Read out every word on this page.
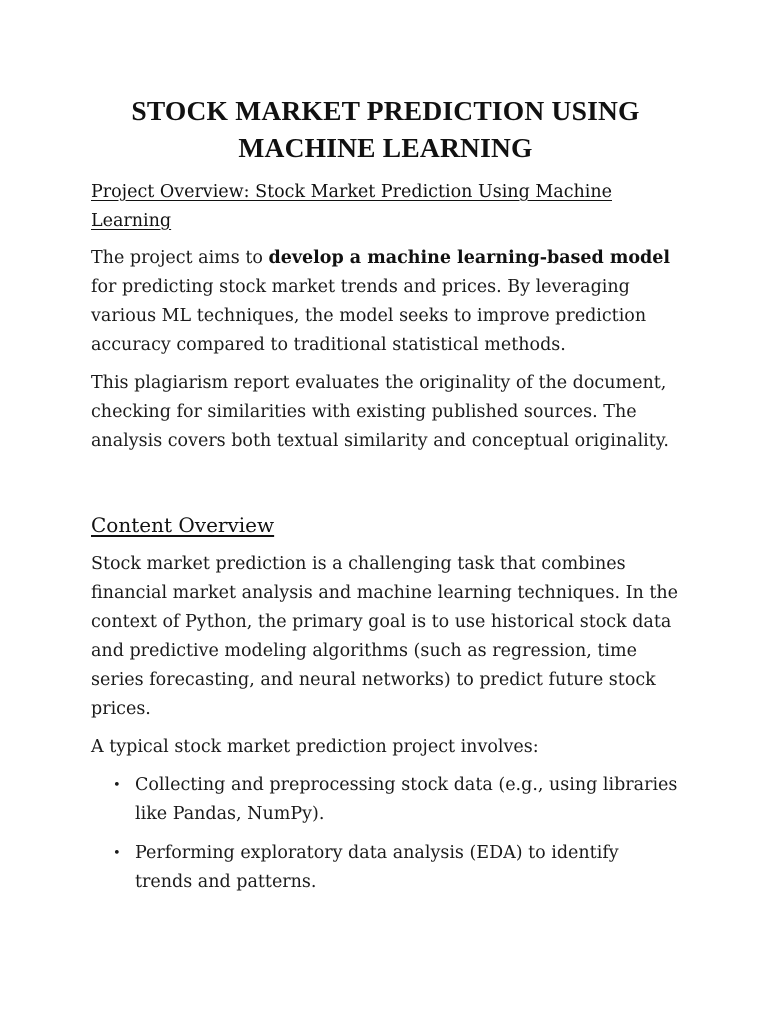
STOCK MARKET PREDICTION USING MACHINE LEARNING
Project Overview: Stock Market Prediction Using Machine Learning

The project aims to develop a machine learning-based model for predicting stock market trends and prices. By leveraging various ML techniques, the model seeks to improve prediction accuracy compared to traditional statistical methods.

This plagiarism report evaluates the originality of the document, checking for similarities with existing published sources. The analysis covers both textual similarity and conceptual originality.

Content Overview

Stock market prediction is a challenging task that combines financial market analysis and machine learning techniques. In the context of Python, the primary goal is to use historical stock data and predictive modeling algorithms (such as regression, time series forecasting, and neural networks) to predict future stock prices.

A typical stock market prediction project involves:

• Collecting and preprocessing stock data (e.g., using libraries like Pandas, NumPy).
• Performing exploratory data analysis (EDA) to identify trends and patterns.
